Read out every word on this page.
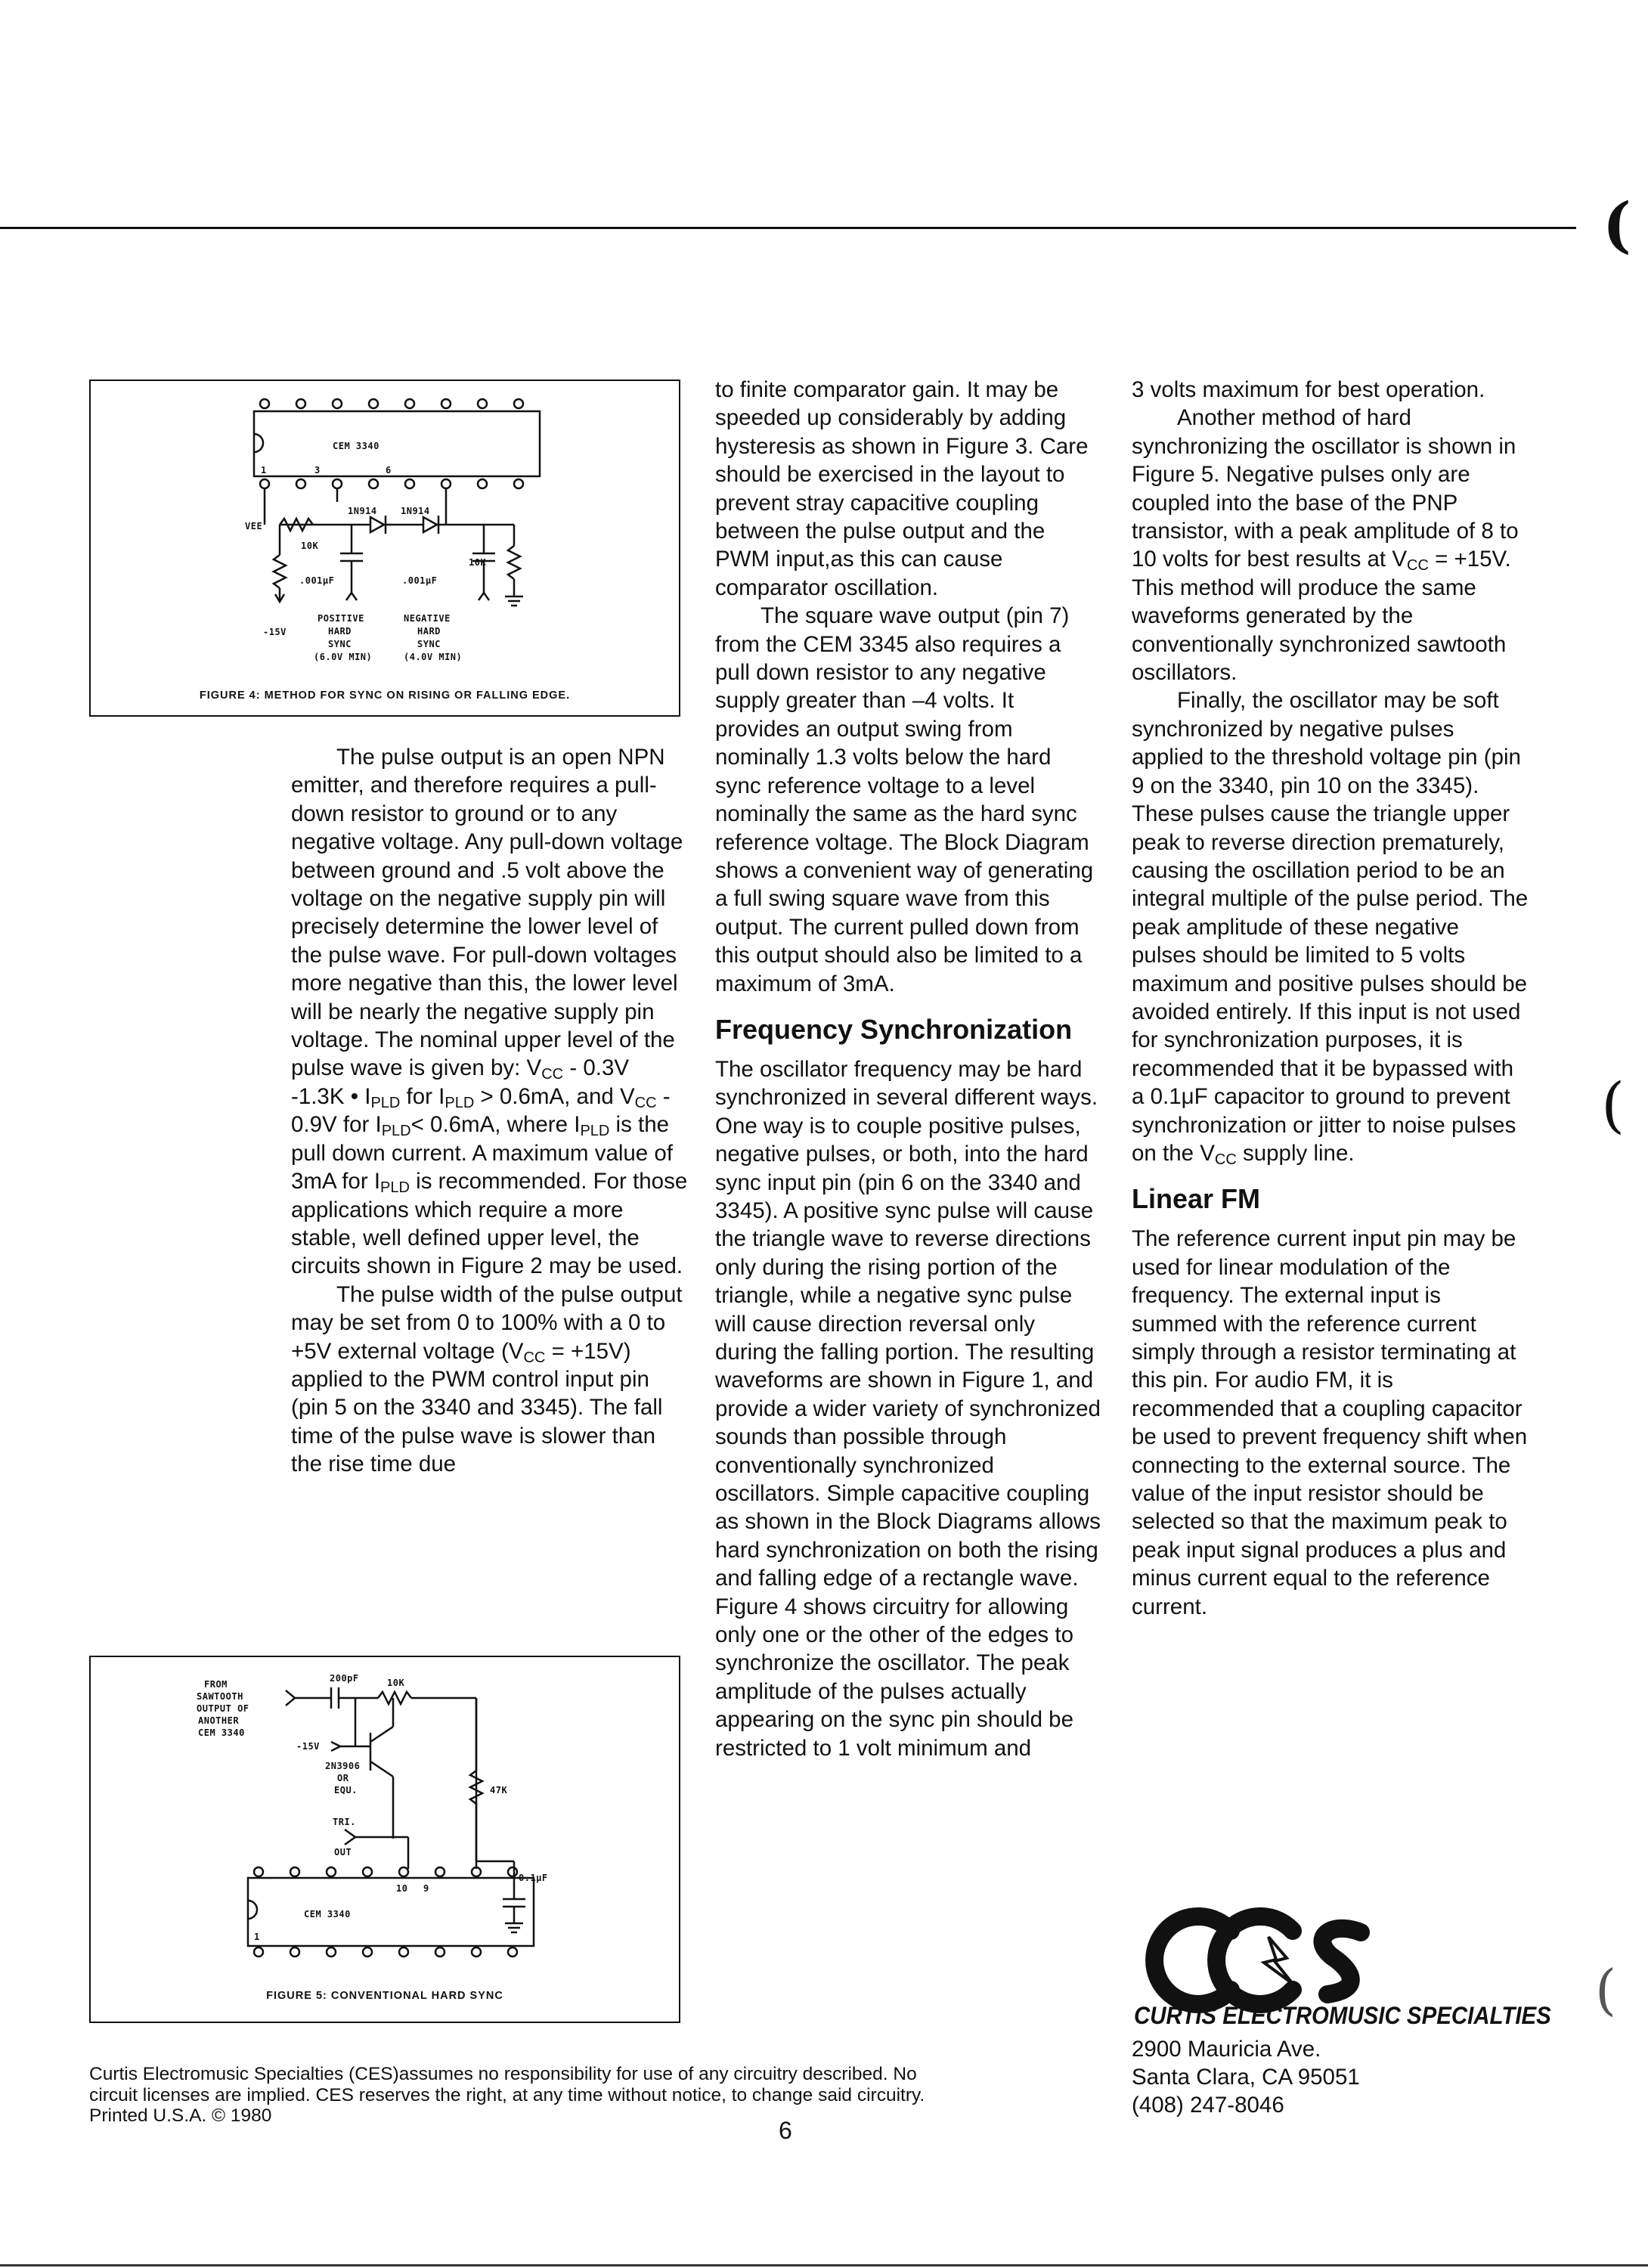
(
(
(
CEM 3340
1	3	6
1N914	1N914
VEE
10K
10K
.001μF	.001μF
-15V
POSITIVE
HARD
SYNC
(6.0V MIN)
NEGATIVE
HARD
SYNC
(4.0V MIN)
FIGURE 4: METHOD FOR SYNC ON RISING OR FALLING EDGE.
FROM
SAWTOOTH
OUTPUT OF
ANOTHER
CEM 3340
200pF	10K
-15V
2N3906
OR
EQU.
TRI.
OUT
47K
0.1μF
10 9
1
CEM 3340
FIGURE 5: CONVENTIONAL HARD SYNC

The pulse output is an open NPN emitter, and therefore requires a pull-down resistor to ground or to any negative voltage. Any pull-down voltage between ground and .5 volt above the voltage on the negative supply pin will precisely determine the lower level of the pulse wave. For pull-down voltages more negative than this, the lower level will be nearly the negative supply pin voltage. The nominal upper level of the pulse wave is given by: $V_{CC} - 0.3V$ -1.3K • $I_{PLD}$ for $I_{PLD} > 0.6mA$, and $V_{CC} - 0.9V$ for $I_{PLD}< 0.6mA$, where $I_{PLD}$ is the pull down current. A maximum value of 3mA for $I_{PLD}$ is recommended. For those applications which require a more stable, well defined upper level, the circuits shown in Figure 2 may be used.

The pulse width of the pulse output may be set from 0 to 100% with a 0 to +5V external voltage $(V_{CC} = +15V)$ applied to the PWM control input pin (pin 5 on the 3340 and 3345). The fall time of the pulse wave is slower than the rise time due

to finite comparator gain. It may be speeded up considerably by adding hysteresis as shown in Figure 3. Care should be exercised in the layout to prevent stray capacitive coupling between the pulse output and the PWM input,as this can cause comparator oscillation.

The square wave output (pin 7) from the CEM 3345 also requires a pull down resistor to any negative supply greater than –4 volts. It provides an output swing from nominally 1.3 volts below the hard sync reference voltage to a level nominally the same as the hard sync reference voltage. The Block Diagram shows a convenient way of generating a full swing square wave from this output. The current pulled down from this output should also be limited to a maximum of 3mA.

Frequency Synchronization

The oscillator frequency may be hard synchronized in several different ways. One way is to couple positive pulses, negative pulses, or both, into the hard sync input pin (pin 6 on the 3340 and 3345). A positive sync pulse will cause the triangle wave to reverse directions only during the rising portion of the triangle, while a negative sync pulse will cause direction reversal only during the falling portion. The resulting waveforms are shown in Figure 1, and provide a wider variety of synchronized sounds than possible through conventionally synchronized oscillators. Simple capacitive coupling as shown in the Block Diagrams allows hard synchronization on both the rising and falling edge of a rectangle wave. Figure 4 shows circuitry for allowing only one or the other of the edges to synchronize the oscillator. The peak amplitude of the pulses actually appearing on the sync pin should be restricted to 1 volt minimum and

3 volts maximum for best operation.

Another method of hard synchronizing the oscillator is shown in Figure 5. Negative pulses only are coupled into the base of the PNP transistor, with a peak amplitude of 8 to 10 volts for best results at $V_{CC} = +15V$. This method will produce the same waveforms generated by the conventionally synchronized sawtooth oscillators.

Finally, the oscillator may be soft synchronized by negative pulses applied to the threshold voltage pin (pin 9 on the 3340, pin 10 on the 3345). These pulses cause the triangle upper peak to reverse direction prematurely, causing the oscillation period to be an integral multiple of the pulse period. The peak amplitude of these negative pulses should be limited to 5 volts maximum and positive pulses should be avoided entirely. If this input is not used for synchronization purposes, it is recommended that it be bypassed with a 0.1μF capacitor to ground to prevent synchronization or jitter to noise pulses on the $V_{CC}$ supply line.

Linear FM

The reference current input pin may be used for linear modulation of the frequency. The external input is summed with the reference current simply through a resistor terminating at this pin. For audio FM, it is recommended that a coupling capacitor be used to prevent frequency shift when connecting to the external source. The value of the input resistor should be selected so that the maximum peak to peak input signal produces a plus and minus current equal to the reference current.

CURTIS ELECTROMUSIC SPECIALTIES
2900 Mauricia Ave.
Santa Clara, CA 95051
(408) 247-8046
Curtis Electromusic Specialties (CES)assumes no responsibility for use of any circuitry described. No circuit licenses are implied. CES reserves the right, at any time without notice, to change said circuitry. Printed U.S.A. © 1980
6
